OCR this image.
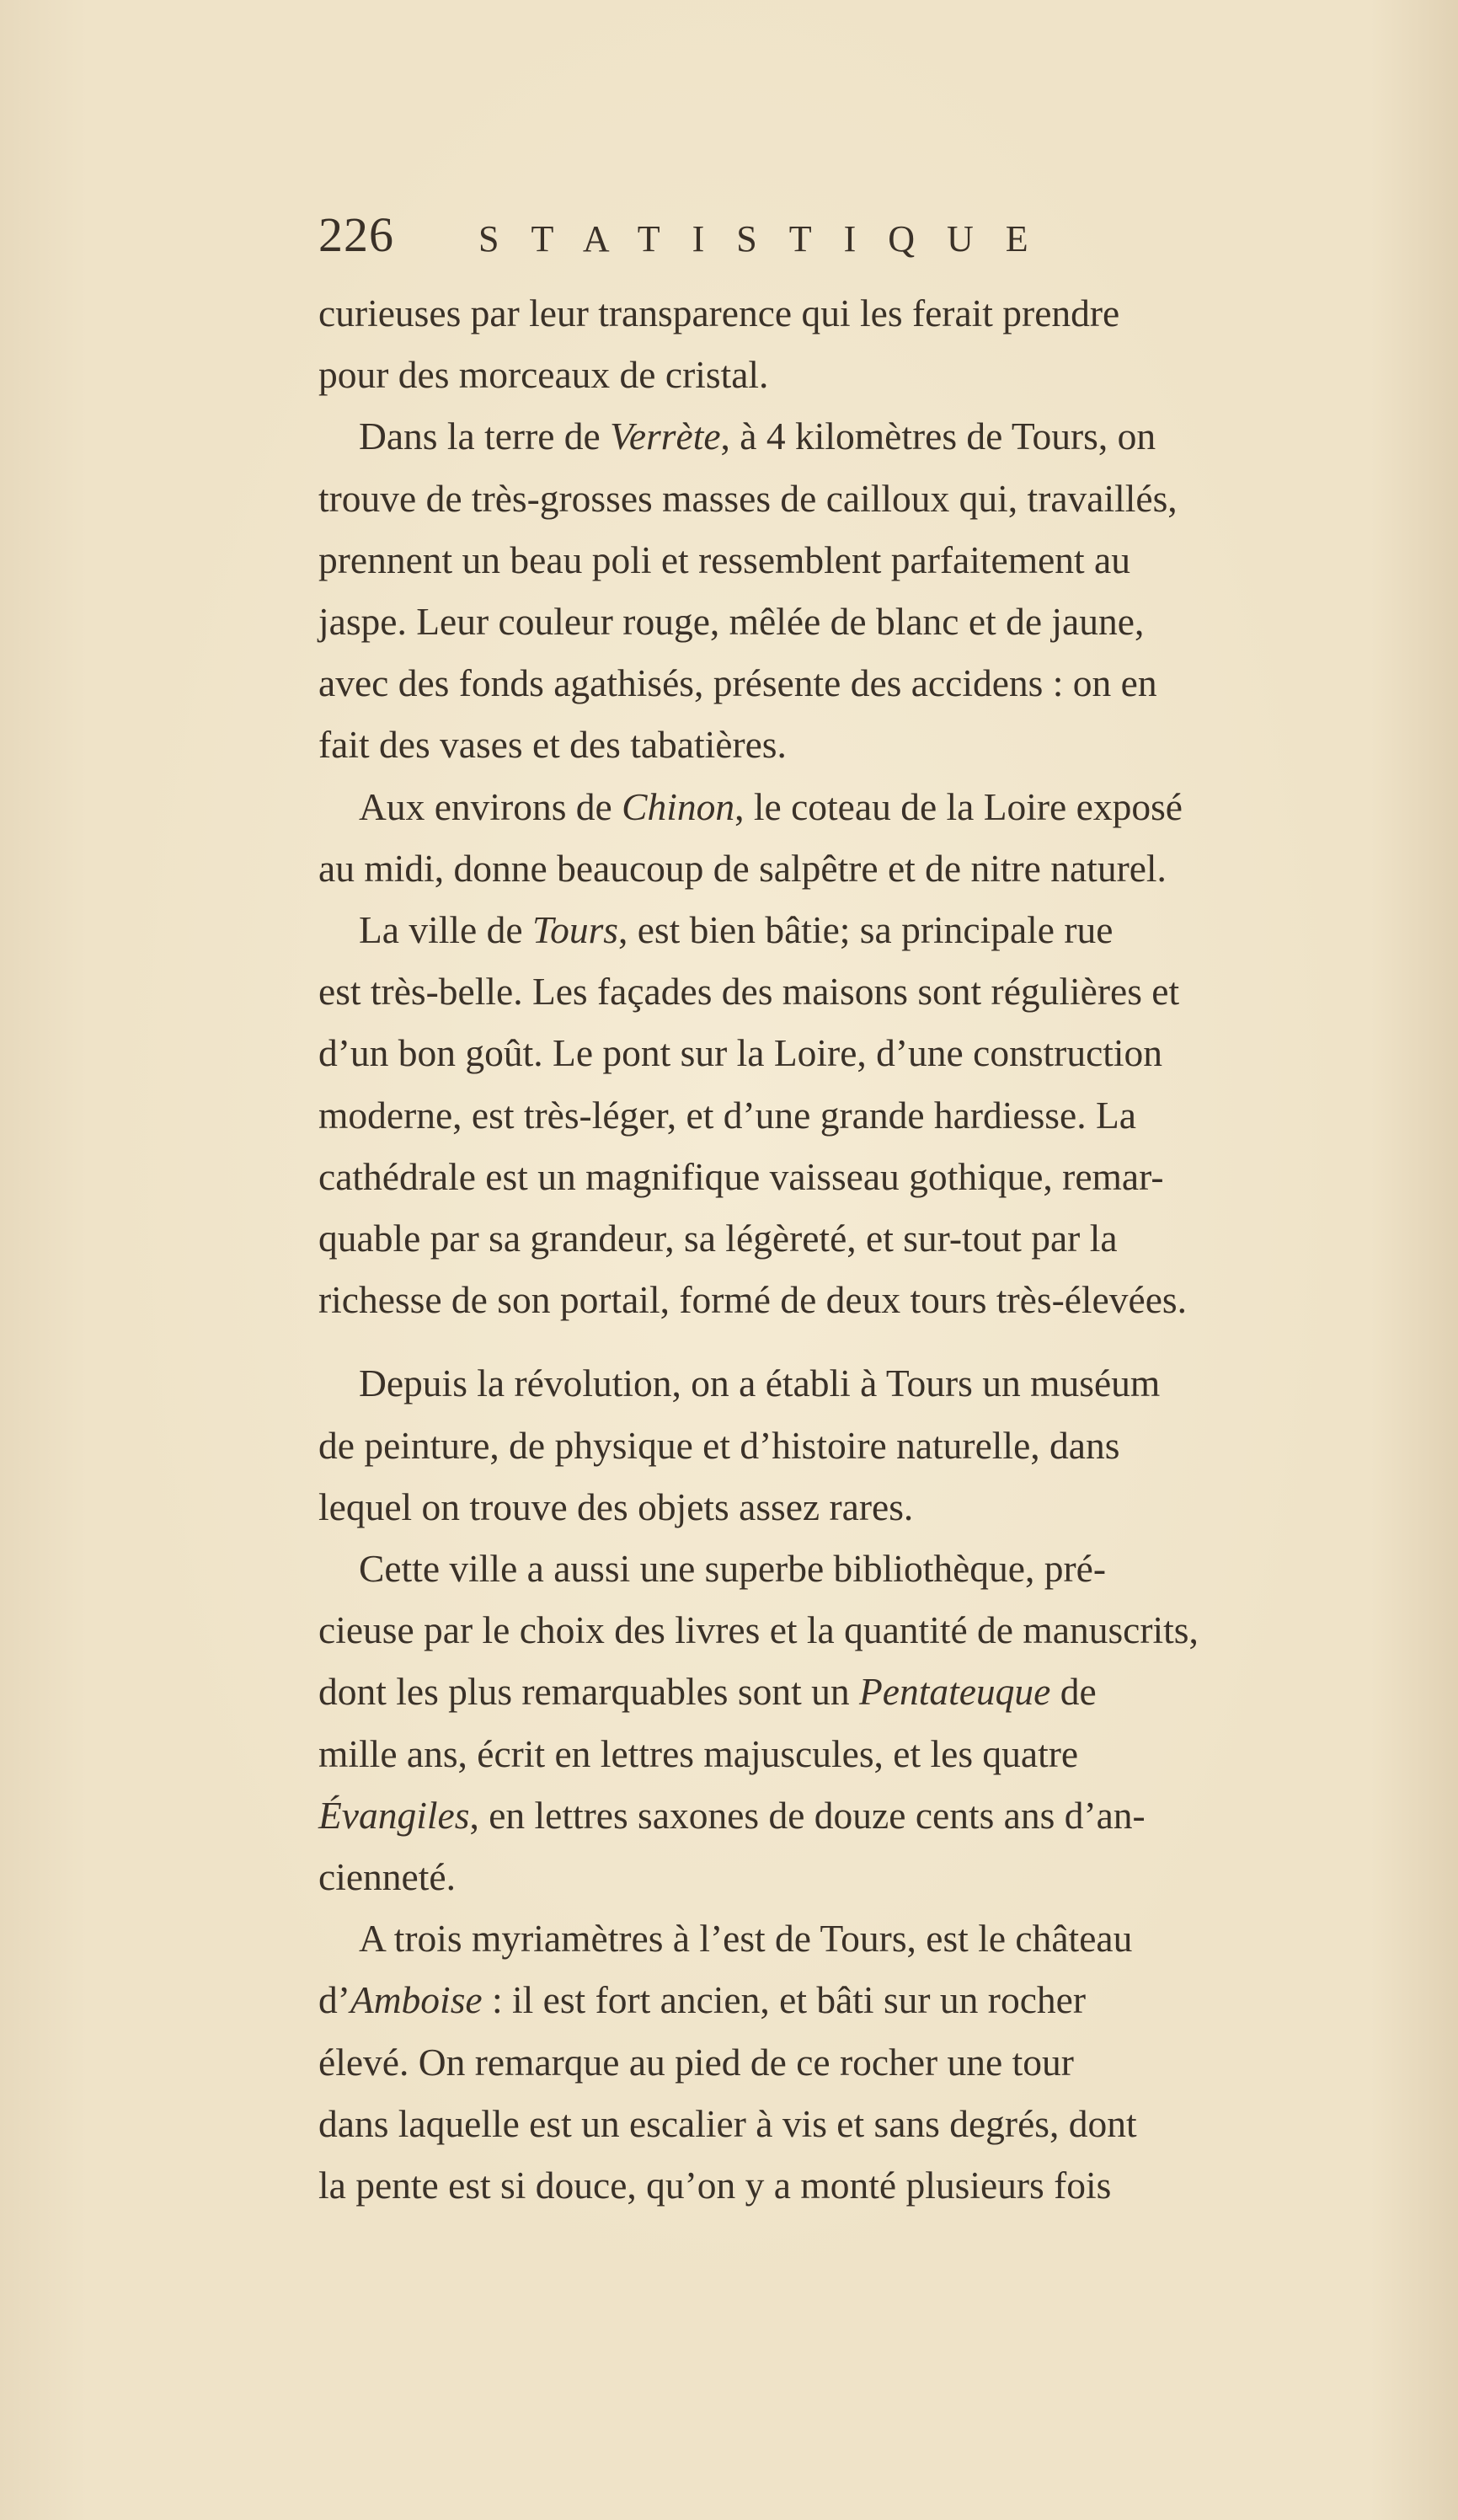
226	STATISTIQUE

curieuses par leur transparence qui les ferait prendre
pour des morceaux de cristal.

Dans la terre de Verrète, à 4 kilomètres de Tours, on
trouve de très-grosses masses de cailloux qui, travaillés,
prennent un beau poli et ressemblent parfaitement au
jaspe. Leur couleur rouge, mêlée de blanc et de jaune,
avec des fonds agathisés, présente des accidens : on en
fait des vases et des tabatières.

Aux environs de Chinon, le coteau de la Loire exposé
au midi, donne beaucoup de salpêtre et de nitre naturel.

La ville de Tours, est bien bâtie; sa principale rue
est très-belle. Les façades des maisons sont régulières et
d’un bon goût. Le pont sur la Loire, d’une construction
moderne, est très-léger, et d’une grande hardiesse. La
cathédrale est un magnifique vaisseau gothique, remar-
quable par sa grandeur, sa légèreté, et sur-tout par la
richesse de son portail, formé de deux tours très-élevées.

Depuis la révolution, on a établi à Tours un muséum
de peinture, de physique et d’histoire naturelle, dans
lequel on trouve des objets assez rares.

Cette ville a aussi une superbe bibliothèque, pré-
cieuse par le choix des livres et la quantité de manuscrits,
dont les plus remarquables sont un Pentateuque de
mille ans, écrit en lettres majuscules, et les quatre
Évangiles, en lettres saxones de douze cents ans d’an-
cienneté.

A trois myriamètres à l’est de Tours, est le château
d’Amboise : il est fort ancien, et bâti sur un rocher
élevé. On remarque au pied de ce rocher une tour
dans laquelle est un escalier à vis et sans degrés, dont
la pente est si douce, qu’on y a monté plusieurs fois
